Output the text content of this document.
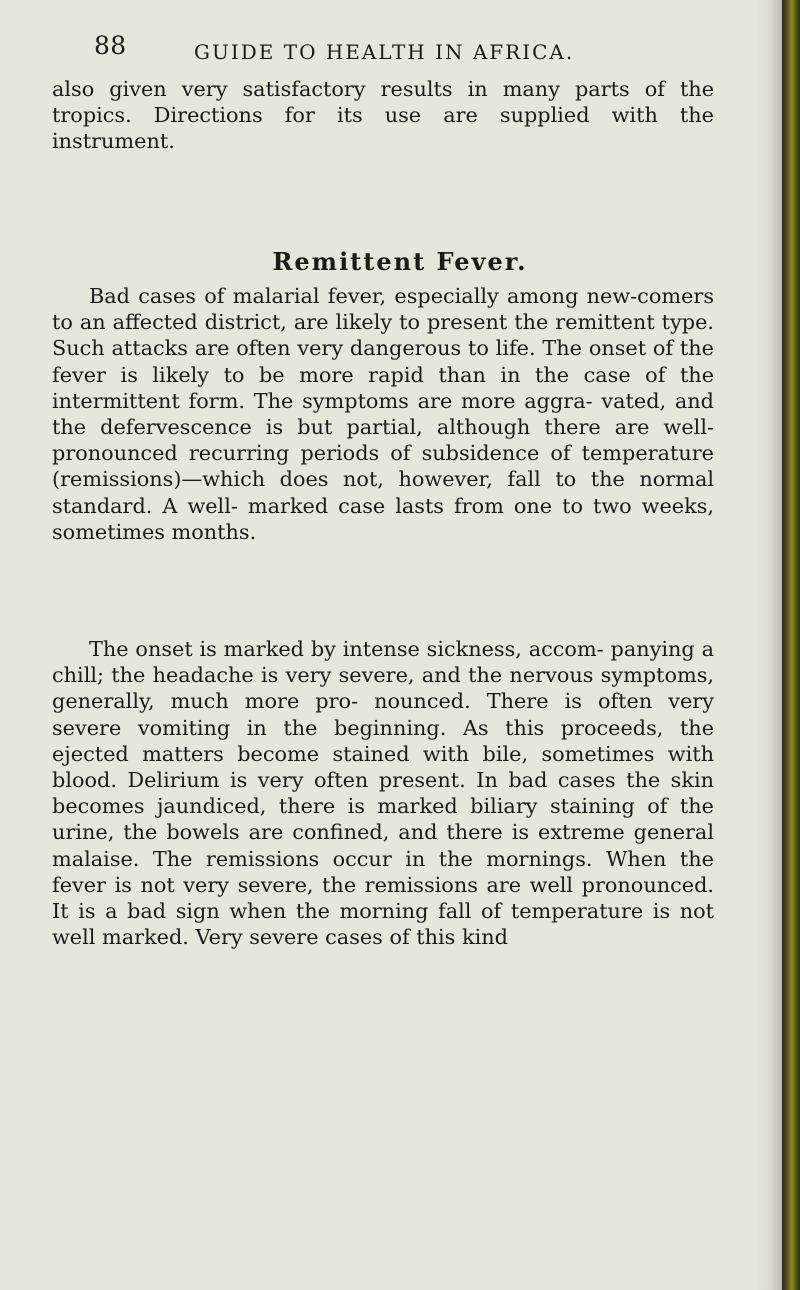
88	GUIDE TO HEALTH IN AFRICA.

also given very satisfactory results in many parts of the tropics. Directions for its use are supplied with the instrument.

Remittent Fever.

Bad cases of malarial fever, especially among new-comers to an affected district, are likely to present the remittent type. Such attacks are often very dangerous to life. The onset of the fever is likely to be more rapid than in the case of the intermittent form. The symptoms are more aggra- vated, and the defervescence is but partial, although there are well-pronounced recurring periods of subsidence of temperature (remissions)—which does not, however, fall to the normal standard. A well- marked case lasts from one to two weeks, sometimes months.

The onset is marked by intense sickness, accom- panying a chill; the headache is very severe, and the nervous symptoms, generally, much more pro- nounced. There is often very severe vomiting in the beginning. As this proceeds, the ejected matters become stained with bile, sometimes with blood. Delirium is very often present. In bad cases the skin becomes jaundiced, there is marked biliary staining of the urine, the bowels are confined, and there is extreme general malaise. The remissions occur in the mornings. When the fever is not very severe, the remissions are well pronounced. It is a bad sign when the morning fall of temperature is not well marked. Very severe cases of this kind
